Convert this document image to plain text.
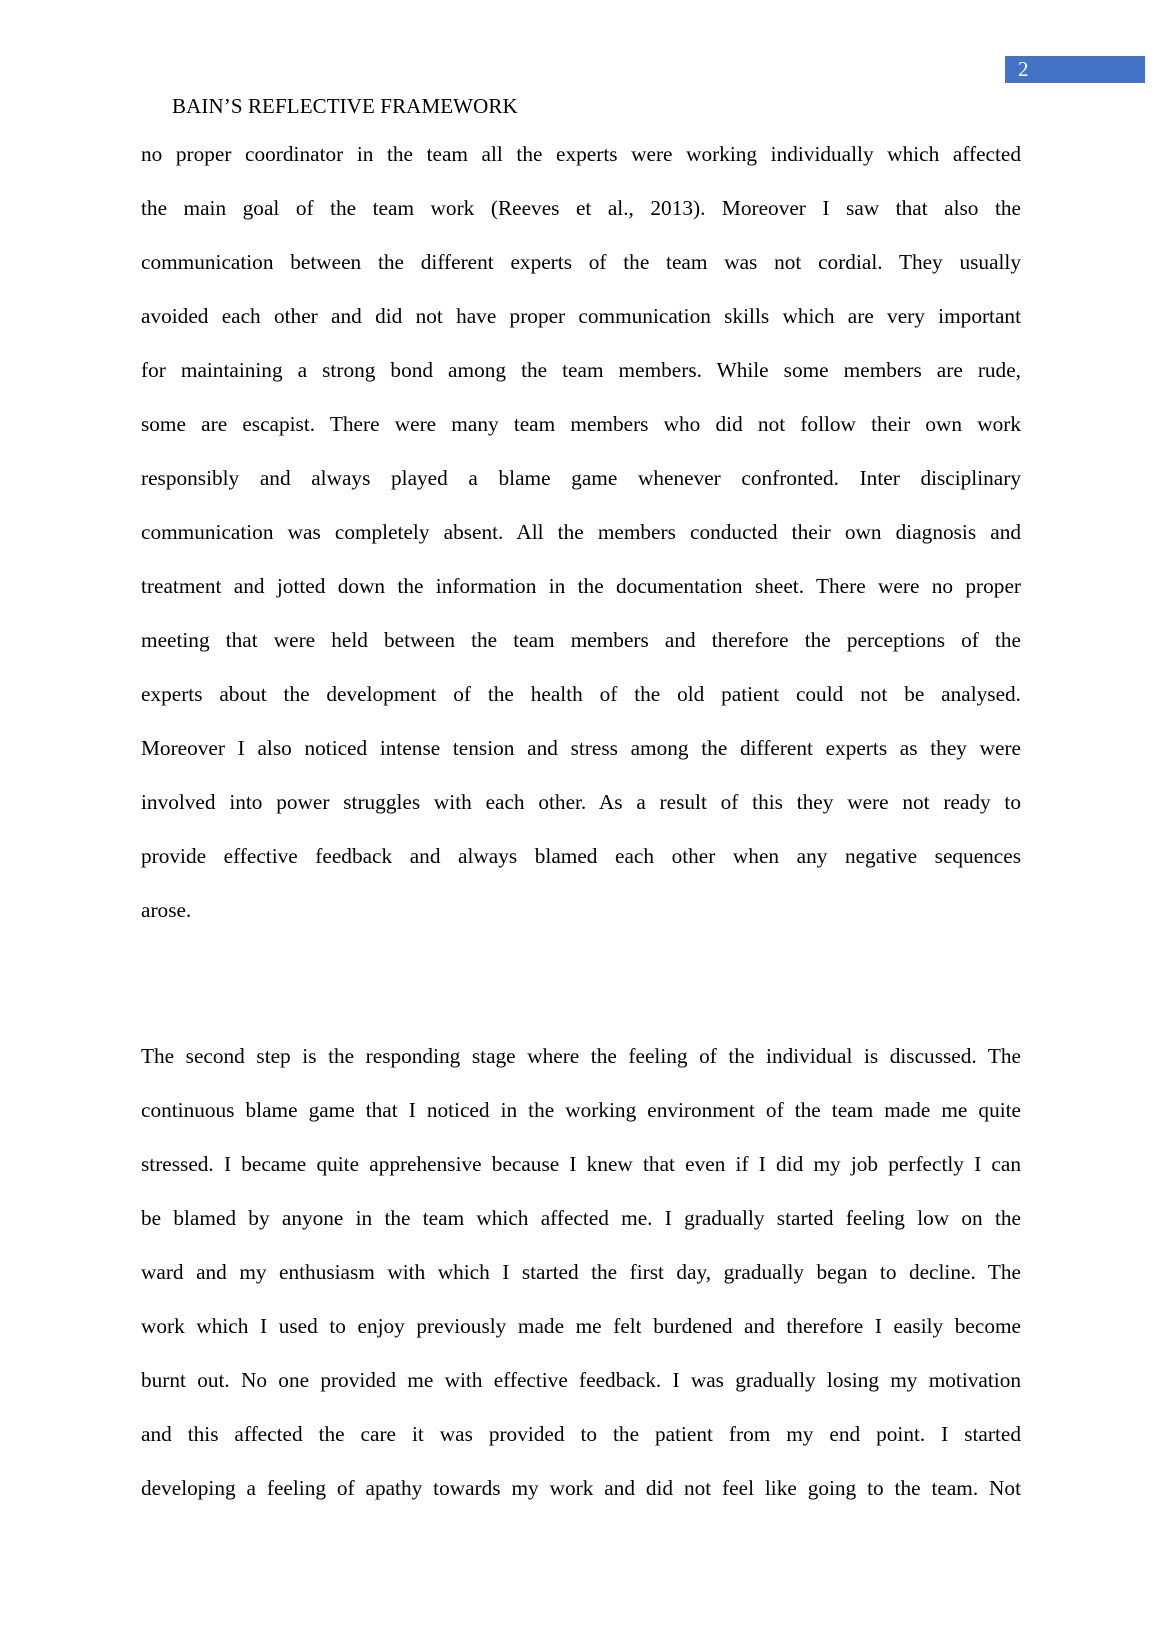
2
BAIN’S REFLECTIVE FRAMEWORK
no proper coordinator in the team all the experts were working individually which affected
the main goal of the team work (Reeves et al., 2013). Moreover I saw that also the
communication between the different experts of the team was not cordial. They usually
avoided each other and did not have proper communication skills which are very important
for maintaining a strong bond among the team members. While some members are rude,
some are escapist. There were many team members who did not follow their own work
responsibly and always played a blame game whenever confronted. Inter disciplinary
communication was completely absent. All the members conducted their own diagnosis and
treatment and jotted down the information in the documentation sheet. There were no proper
meeting that were held between the team members and therefore the perceptions of the
experts about the development of the health of the old patient could not be analysed.
Moreover I also noticed intense tension and stress among the different experts as they were
involved into power struggles with each other. As a result of this they were not ready to
provide effective feedback and always blamed each other when any negative sequences
arose.
The second step is the responding stage where the feeling of the individual is discussed. The
continuous blame game that I noticed in the working environment of the team made me quite
stressed. I became quite apprehensive because I knew that even if I did my job perfectly I can
be blamed by anyone in the team which affected me. I gradually started feeling low on the
ward and my enthusiasm with which I started the first day, gradually began to decline. The
work which I used to enjoy previously made me felt burdened and therefore I easily become
burnt out. No one provided me with effective feedback. I was gradually losing my motivation
and this affected the care it was provided to the patient from my end point. I started
developing a feeling of apathy towards my work and did not feel like going to the team. Not
